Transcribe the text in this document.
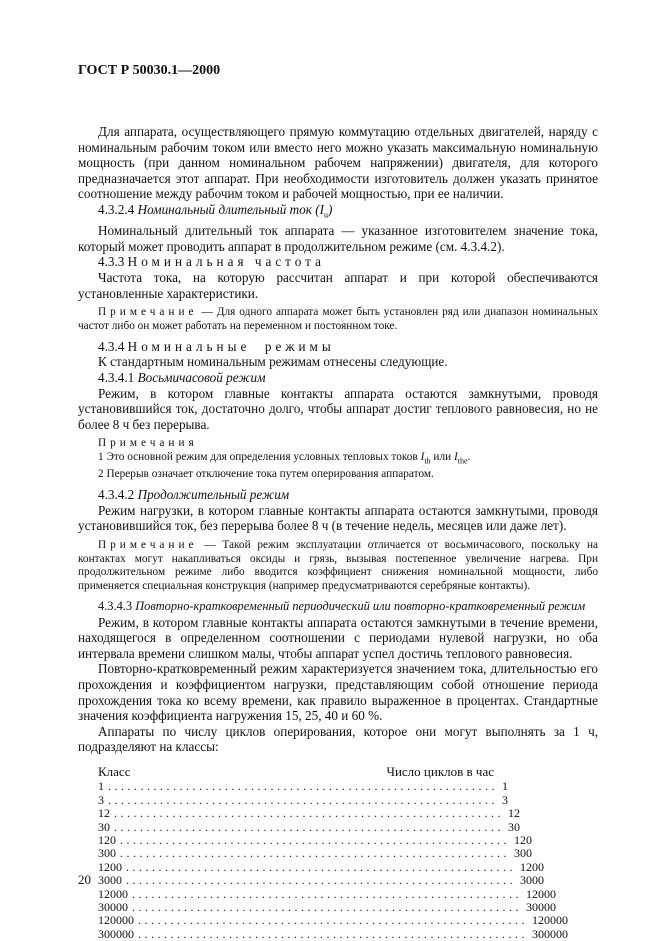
ГОСТ Р 50030.1—2000

Для аппарата, осуществляющего прямую коммутацию отдельных двигателей, наряду с номинальным рабочим током или вместо него можно указать максимальную номинальную мощность (при данном номинальном рабочем напряжении) двигателя, для которого предназначается этот аппарат. При необходимости изготовитель должен указать принятое соотношение между рабочим током и рабочей мощностью, при ее наличии.

4.3.2.4 Номинальный длительный ток $(I_u)$

Номинальный длительный ток аппарата — указанное изготовителем значение тока, который может проводить аппарат в продолжительном режиме (см. 4.3.4.2).

4.3.3 Номинальная частота

Частота тока, на которую рассчитан аппарат и при которой обеспечиваются установленные характеристики.

Примечание — Для одного аппарата может быть установлен ряд или диапазон номинальных частот либо он может работать на переменном и постоянном токе.

4.3.4 Номинальные  режимы

К стандартным номинальным режимам отнесены следующие.

4.3.4.1 Восьмичасовой режим

Режим, в котором главные контакты аппарата остаются замкнутыми, проводя установившийся ток, достаточно долго, чтобы аппарат достиг теплового равновесия, но не более 8 ч без перерыва.

Примечания

1 Это основной режим для определения условных тепловых токов $I_{th}$ или $I_{the}$.

2 Перерыв означает отключение тока путем оперирования аппаратом.

4.3.4.2 Продолжительный режим

Режим нагрузки, в котором главные контакты аппарата остаются замкнутыми, проводя установившийся ток, без перерыва более 8 ч (в течение недель, месяцев или даже лет).

Примечание — Такой режим эксплуатации отличается от восьмичасового, поскольку на контактах могут накапливаться оксиды и грязь, вызывая постепенное увеличение нагрева. При продолжительном режиме либо вводится коэффициент снижения номинальной мощности, либо применяется специальная конструкция (например предусматриваются серебряные контакты).

4.3.4.3 Повторно-кратковременный периодический или повторно-кратковременный режим

Режим, в котором главные контакты аппарата остаются замкнутыми в течение времени, находящегося в определенном соотношении с периодами нулевой нагрузки, но оба интервала времени слишком малы, чтобы аппарат успел достичь теплового равновесия.

Повторно-кратковременный режим характеризуется значением тока, длительностью его прохождения и коэффициентом нагрузки, представляющим собой отношение периода прохождения тока ко всему времени, как правило выраженное в процентах. Стандартные значения коэффициента нагружения 15, 25, 40 и 60 %.

Аппараты по числу циклов оперирования, которое они могут выполнять за 1 ч, подразделяют на классы:

Класс	Число циклов в час
1 ............................................................ 1
3 ............................................................ 3
12 ............................................................ 12
30 ............................................................ 30
120 ............................................................ 120
300 ............................................................ 300
1200 ............................................................ 1200
3000 ............................................................ 3000
12000 ............................................................ 12000
30000 ............................................................ 30000
120000 ............................................................ 120000
300000 ............................................................ 300000
20
